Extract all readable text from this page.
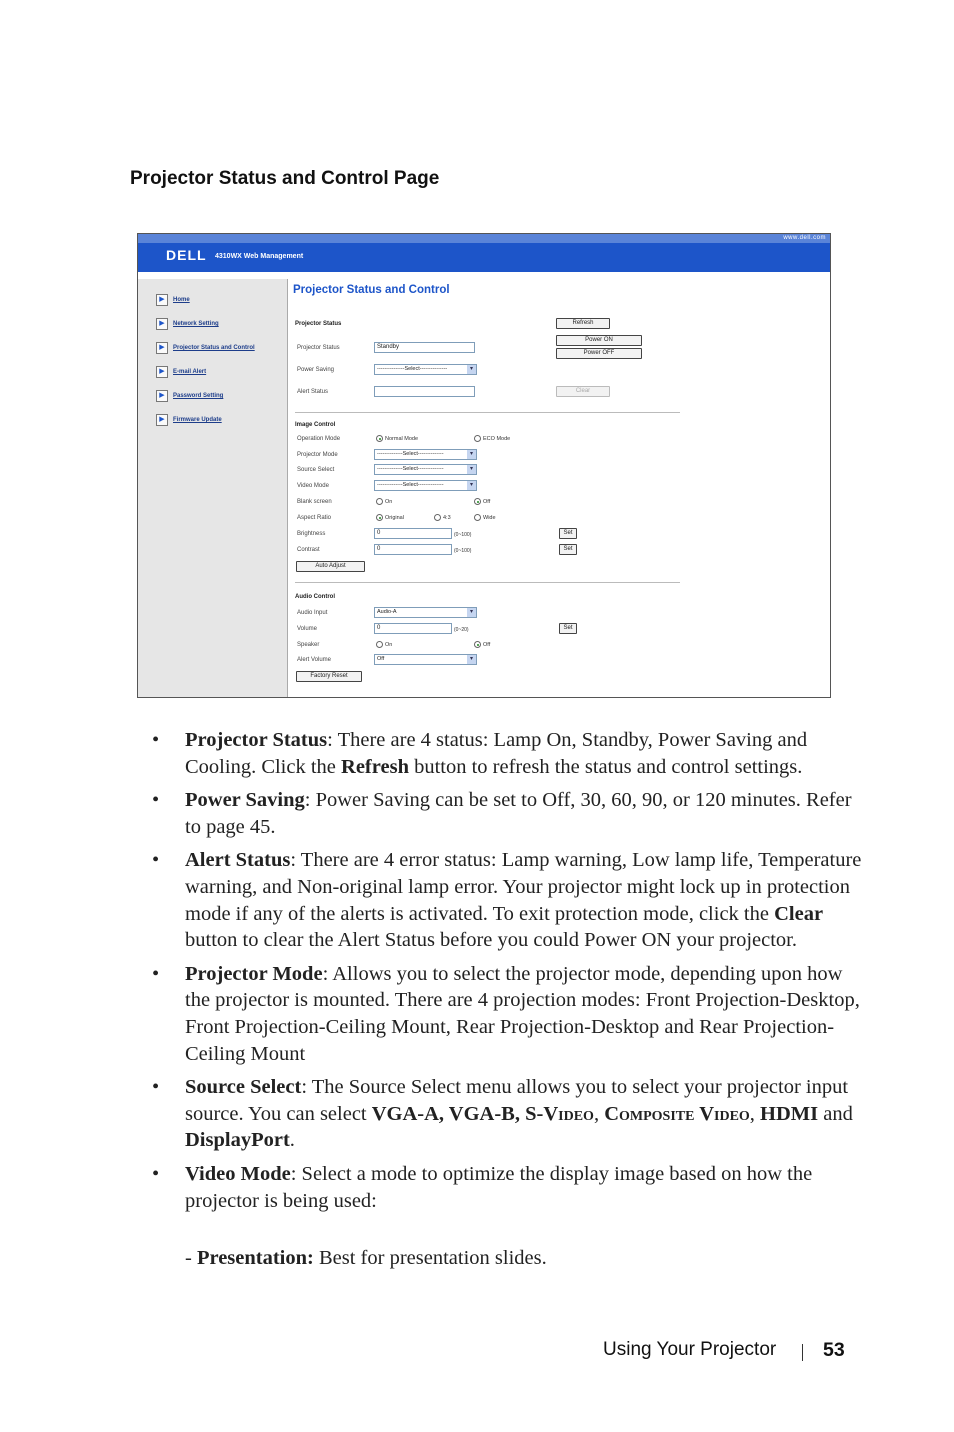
Projector Status and Control Page
www.dell.com
DELL 4310WX Web Management
▶	Home
▶	Network Setting
▶	Projector Status and Control
▶	E-mail Alert
▶	Password Setting
▶	Firmware Update
Projector Status and Control
Projector Status	Refresh
Power ON
Power OFF
Projector Status	Standby
Power Saving	---------------Select---------------	▾
Alert Status	Clear
Image Control
Operation Mode	Normal Mode	ECO Mode
Projector Mode	--------------Select--------------	▾
Source Select	--------------Select--------------	▾
Video Mode	--------------Select--------------	▾
Blank screen	On	Off
Aspect Ratio	Original	4:3	Wide
Brightness	0	(0~100)	Set
Contrast	0	(0~100)	Set
Auto Adjust
Audio Control
Audio Input	Audio-A	▾
Volume	0	(0~20)	Set
Speaker	On	Off
Alert Volume	Off	▾
Factory Reset
• Projector Status: There are 4 status: Lamp On, Standby, Power Saving and Cooling. Click the Refresh button to refresh the status and control settings.
• Power Saving: Power Saving can be set to Off, 30, 60, 90, or 120 minutes. Refer to page 45.
• Alert Status: There are 4 error status: Lamp warning, Low lamp life, Temperature warning, and Non-original lamp error. Your projector might lock up in protection mode if any of the alerts is activated. To exit protection mode, click the Clear button to clear the Alert Status before you could Power ON your projector.
• Projector Mode: Allows you to select the projector mode, depending upon how the projector is mounted. There are 4 projection modes: Front Projection-Desktop, Front Projection-Ceiling Mount, Rear Projection-Desktop and Rear Projection-Ceiling Mount
• Source Select: The Source Select menu allows you to select your projector input source. You can select VGA-A, VGA-B, S-Video, Composite Video, HDMI and DisplayPort.
• Video Mode: Select a mode to optimize the display image based on how the projector is being used:
- Presentation: Best for presentation slides.
Using Your Projector 53
